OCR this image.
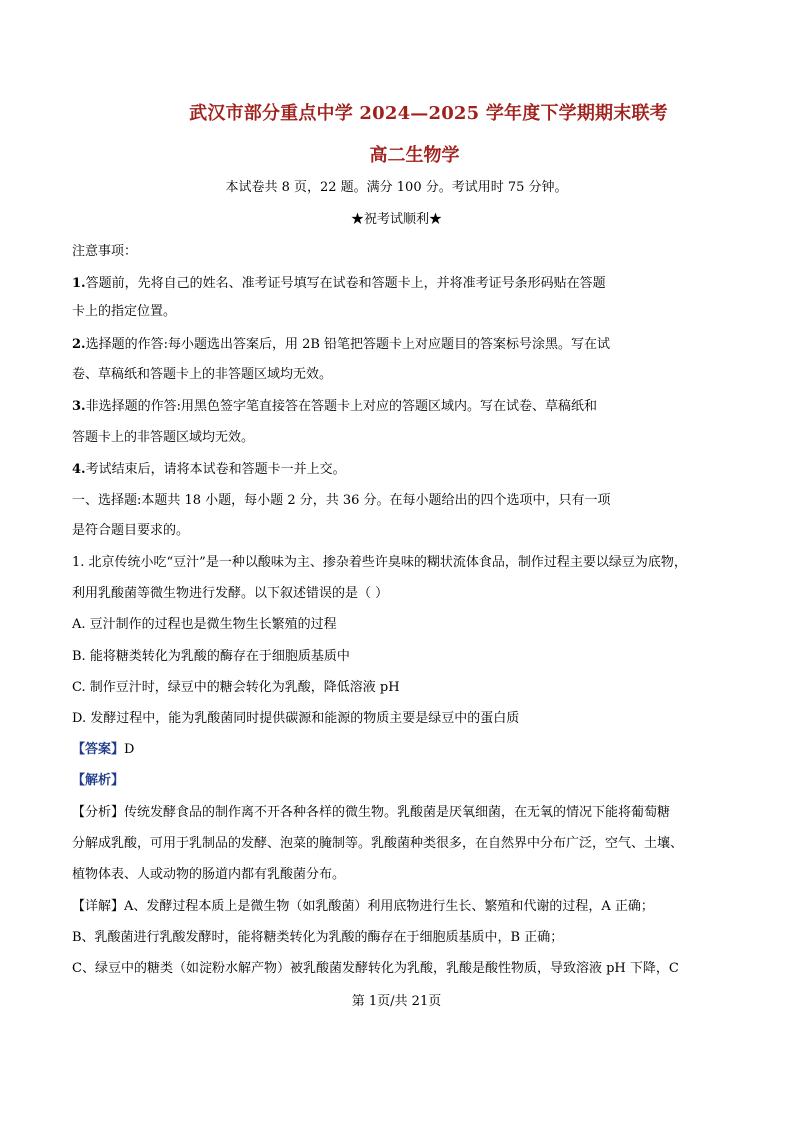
武汉市部分重点中学 2024—2025 学年度下学期期末联考
高二生物学
本试卷共 8 页，22 题。满分 100 分。考试用时 75 分钟。
★祝考试顺利★
注意事项：
1.答题前，先将自己的姓名、准考证号填写在试卷和答题卡上，并将准考证号条形码贴在答题
卡上的指定位置。
2.选择题的作答:每小题选出答案后，用 2B 铅笔把答题卡上对应题目的答案标号涂黑。写在试
卷、草稿纸和答题卡上的非答题区域均无效。
3.非选择题的作答:用黑色签字笔直接答在答题卡上对应的答题区域内。写在试卷、草稿纸和
答题卡上的非答题区域均无效。
4.考试结束后，请将本试卷和答题卡一并上交。
一、选择题:本题共 18 小题，每小题 2 分，共 36 分。在每小题给出的四个选项中，只有一项
是符合题目要求的。
1. 北京传统小吃“豆汁”是一种以酸味为主、掺杂着些许臭味的糊状流体食品，制作过程主要以绿豆为底物，
利用乳酸菌等微生物进行发酵。以下叙述错误的是（ ）
A. 豆汁制作的过程也是微生物生长繁殖的过程
B. 能将糖类转化为乳酸的酶存在于细胞质基质中
C. 制作豆汁时，绿豆中的糖会转化为乳酸，降低溶液 pH
D. 发酵过程中，能为乳酸菌同时提供碳源和能源的物质主要是绿豆中的蛋白质
【答案】D
【解析】
【分析】传统发酵食品的制作离不开各种各样的微生物。乳酸菌是厌氧细菌，在无氧的情况下能将葡萄糖
分解成乳酸，可用于乳制品的发酵、泡菜的腌制等。乳酸菌种类很多，在自然界中分布广泛，空气、土壤、
植物体表、人或动物的肠道内都有乳酸菌分布。
【详解】A、发酵过程本质上是微生物（如乳酸菌）利用底物进行生长、繁殖和代谢的过程，A 正确；
B、乳酸菌进行乳酸发酵时，能将糖类转化为乳酸的酶存在于细胞质基质中，B 正确；
C、绿豆中的糖类（如淀粉水解产物）被乳酸菌发酵转化为乳酸，乳酸是酸性物质，导致溶液 pH 下降，C
第 1页/共 21页
